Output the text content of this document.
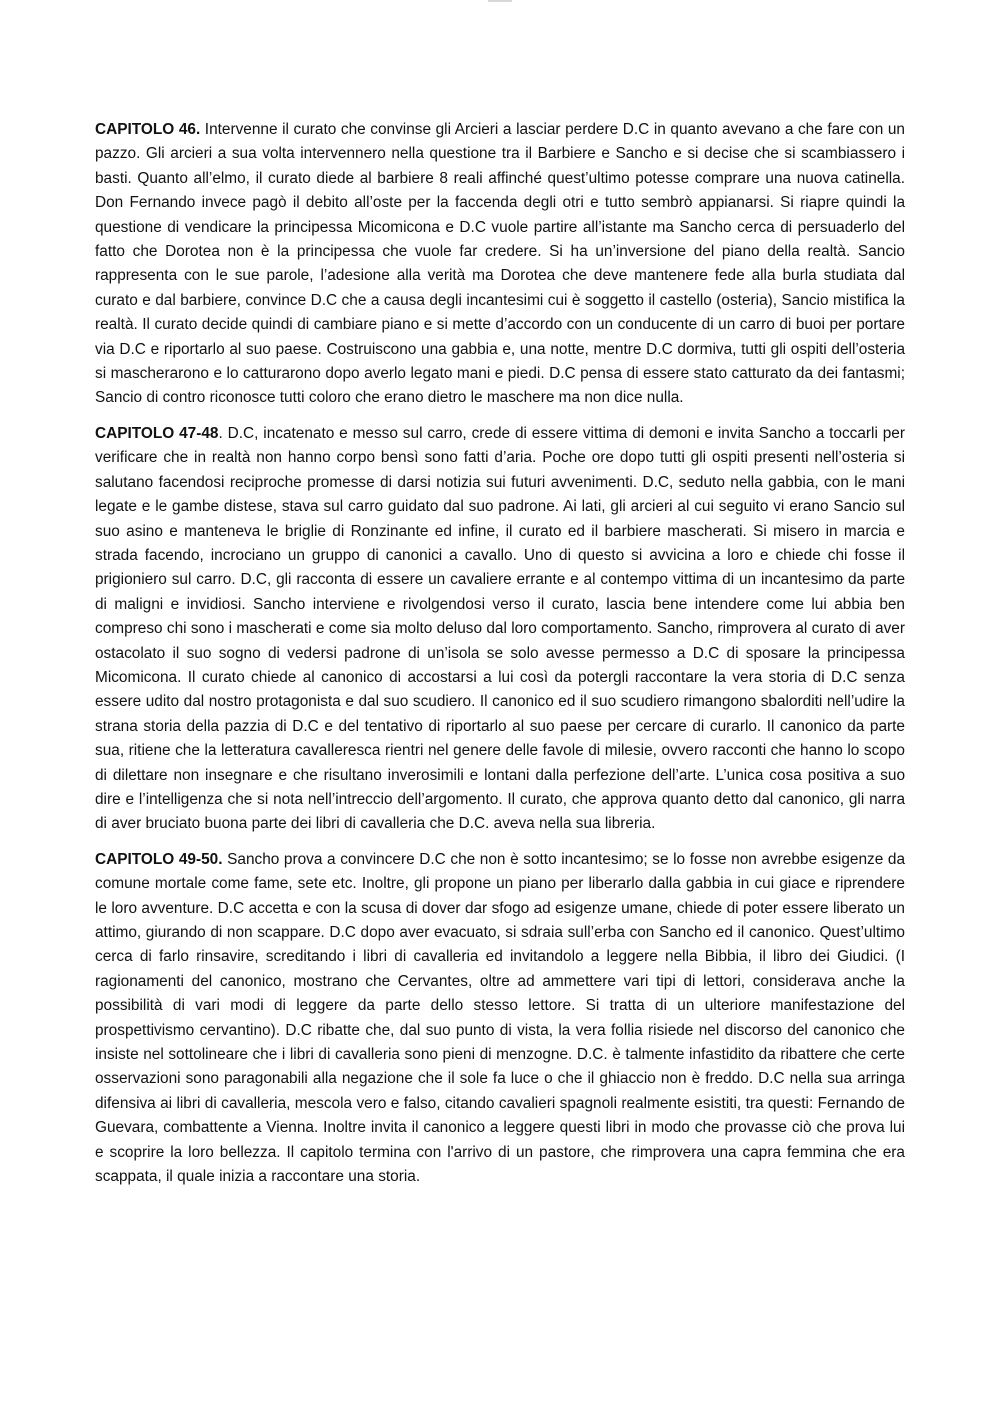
CAPITOLO 46. Intervenne il curato che convinse gli Arcieri a lasciar perdere D.C in quanto avevano a che fare con un pazzo. Gli arcieri a sua volta intervennero nella questione tra il Barbiere e Sancho e si decise che si scambiassero i basti. Quanto all’elmo, il curato diede al barbiere 8 reali affinché quest’ultimo potesse comprare una nuova catinella. Don Fernando invece pagò il debito all’oste per la faccenda degli otri e tutto sembrò appianarsi. Si riapre quindi la questione di vendicare la principessa Micomicona e D.C vuole partire all’istante ma Sancho cerca di persuaderlo del fatto che Dorotea non è la principessa che vuole far credere. Si ha un’inversione del piano della realtà. Sancio rappresenta con le sue parole, l’adesione alla verità ma Dorotea che deve mantenere fede alla burla studiata dal curato e dal barbiere, convince D.C che a causa degli incantesimi cui è soggetto il castello (osteria), Sancio mistifica la realtà. Il curato decide quindi di cambiare piano e si mette d’accordo con un conducente di un carro di buoi per portare via D.C e riportarlo al suo paese. Costruiscono una gabbia e, una notte, mentre D.C dormiva, tutti gli ospiti dell’osteria si mascherarono e lo catturarono dopo averlo legato mani e piedi. D.C pensa di essere stato catturato da dei fantasmi; Sancio di contro riconosce tutti coloro che erano dietro le maschere ma non dice nulla.

CAPITOLO 47-48. D.C, incatenato e messo sul carro, crede di essere vittima di demoni e invita Sancho a toccarli per verificare che in realtà non hanno corpo bensì sono fatti d’aria. Poche ore dopo tutti gli ospiti presenti nell’osteria si salutano facendosi reciproche promesse di darsi notizia sui futuri avvenimenti. D.C, seduto nella gabbia, con le mani legate e le gambe distese, stava sul carro guidato dal suo padrone. Ai lati, gli arcieri al cui seguito vi erano Sancio sul suo asino e manteneva le briglie di Ronzinante ed infine, il curato ed il barbiere mascherati. Si misero in marcia e strada facendo, incrociano un gruppo di canonici a cavallo. Uno di questo si avvicina a loro e chiede chi fosse il prigioniero sul carro. D.C, gli racconta di essere un cavaliere errante e al contempo vittima di un incantesimo da parte di maligni e invidiosi. Sancho interviene e rivolgendosi verso il curato, lascia bene intendere come lui abbia ben compreso chi sono i mascherati e come sia molto deluso dal loro comportamento. Sancho, rimprovera al curato di aver ostacolato il suo sogno di vedersi padrone di un’isola se solo avesse permesso a D.C di sposare la principessa Micomicona. Il curato chiede al canonico di accostarsi a lui così da potergli raccontare la vera storia di D.C senza essere udito dal nostro protagonista e dal suo scudiero. Il canonico ed il suo scudiero rimangono sbalorditi nell’udire la strana storia della pazzia di D.C e del tentativo di riportarlo al suo paese per cercare di curarlo. Il canonico da parte sua, ritiene che la letteratura cavalleresca rientri nel genere delle favole di milesie, ovvero racconti che hanno lo scopo di dilettare non insegnare e che risultano inverosimili e lontani dalla perfezione dell’arte. L’unica cosa positiva a suo dire e l’intelligenza che si nota nell’intreccio dell’argomento. Il curato, che approva quanto detto dal canonico, gli narra di aver bruciato buona parte dei libri di cavalleria che D.C. aveva nella sua libreria.

CAPITOLO 49-50. Sancho prova a convincere D.C che non è sotto incantesimo; se lo fosse non avrebbe esigenze da comune mortale come fame, sete etc. Inoltre, gli propone un piano per liberarlo dalla gabbia in cui giace e riprendere le loro avventure. D.C accetta e con la scusa di dover dar sfogo ad esigenze umane, chiede di poter essere liberato un attimo, giurando di non scappare. D.C dopo aver evacuato, si sdraia sull’erba con Sancho ed il canonico. Quest’ultimo cerca di farlo rinsavire, screditando i libri di cavalleria ed invitandolo a leggere nella Bibbia, il libro dei Giudici. (I ragionamenti del canonico, mostrano che Cervantes, oltre ad ammettere vari tipi di lettori, considerava anche la possibilità di vari modi di leggere da parte dello stesso lettore. Si tratta di un ulteriore manifestazione del prospettivismo cervantino). D.C ribatte che, dal suo punto di vista, la vera follia risiede nel discorso del canonico che insiste nel sottolineare che i libri di cavalleria sono pieni di menzogne. D.C. è talmente infastidito da ribattere che certe osservazioni sono paragonabili alla negazione che il sole fa luce o che il ghiaccio non è freddo. D.C nella sua arringa difensiva ai libri di cavalleria, mescola vero e falso, citando cavalieri spagnoli realmente esistiti, tra questi: Fernando de Guevara, combattente a Vienna. Inoltre invita il canonico a leggere questi libri in modo che provasse ciò che prova lui e scoprire la loro bellezza. Il capitolo termina con l'arrivo di un pastore, che rimprovera una capra femmina che era scappata, il quale inizia a raccontare una storia.
